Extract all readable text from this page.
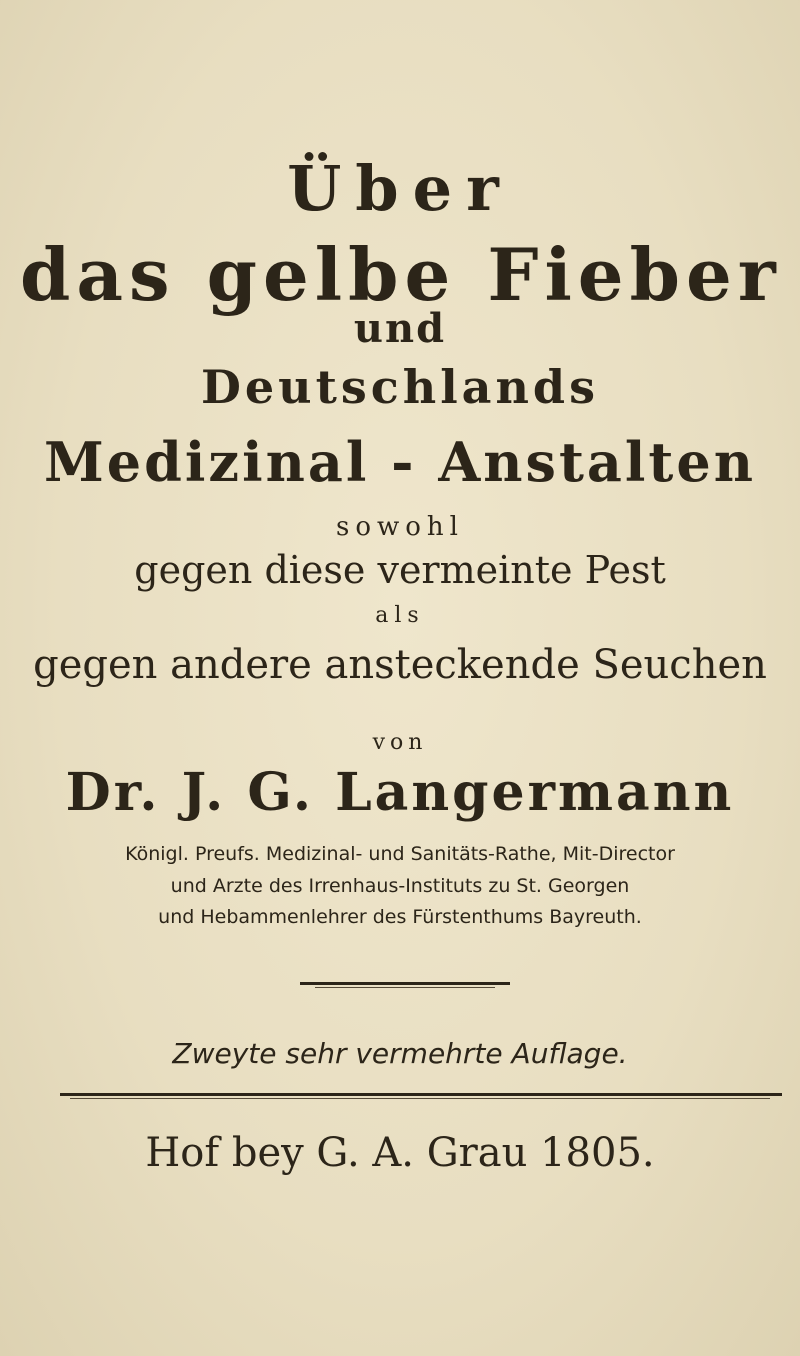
Über
das gelbe Fieber
und
Deutschlands
Medizinal - Anstalten
sowohl
gegen diese vermeinte Pest
als
gegen andere ansteckende Seuchen
von
Dr. J. G. Langermann
Königl. Preufs. Medizinal- und Sanitäts-Rathe, Mit-Director
und Arzte des Irrenhaus-Instituts zu St. Georgen
und Hebammenlehrer des Fürstenthums Bayreuth.
Zweyte sehr vermehrte Auflage.
Hof bey G. A. Grau 1805.
